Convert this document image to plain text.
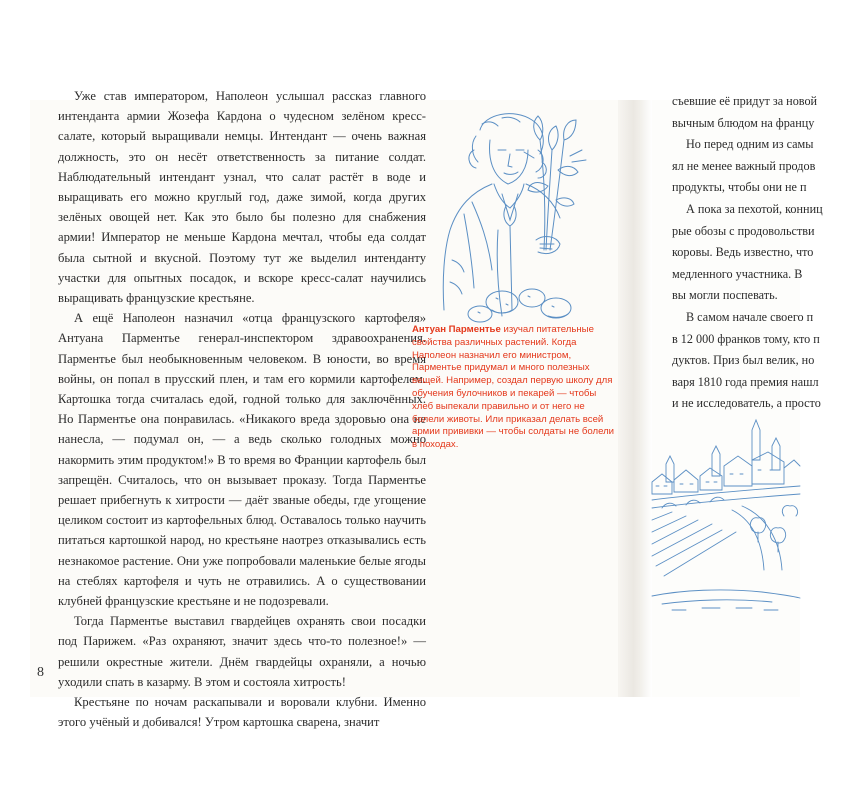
Уже став императором, Наполеон услышал рассказ главного интенданта армии Жозефа Кардона о чудесном зелёном кресс-салате, который выращивали немцы. Интендант — очень важная должность, это он несёт ответственность за питание солдат. Наблюдательный интендант узнал, что салат растёт в воде и выращивать его можно круглый год, даже зимой, когда других зелёных овощей нет. Как это было бы полезно для снабжения армии! Император не меньше Кардона мечтал, чтобы еда солдат была сытной и вкусной. Поэтому тут же выделил интенданту участки для опытных посадок, и вскоре кресс-салат научились выращивать французские крестьяне.

А ещё Наполеон назначил «отца французского картофеля» Антуана Парментье генерал-инспектором здравоохранения. Парментье был необыкновенным человеком. В юности, во время войны, он попал в прусский плен, и там его кормили картофелем. Картошка тогда считалась едой, годной только для заключённых. Но Парментье она понравилась. «Никакого вреда здоровью она не нанесла, — подумал он, — а ведь сколько голодных можно накормить этим продуктом!» В то время во Франции картофель был запрещён. Считалось, что он вызывает проказу. Тогда Парментье решает прибегнуть к хитрости — даёт званые обеды, где угощение целиком состоит из картофельных блюд. Оставалось только научить питаться картошкой народ, но крестьяне наотрез отказывались есть незнакомое растение. Они уже попробовали маленькие белые ягоды на стеблях картофеля и чуть не отравились. А о существовании клубней французские крестьяне и не подозревали.

Тогда Парментье выставил гвардейцев охранять свои посадки под Парижем. «Раз охраняют, значит здесь что-то полезное!» — решили окрестные жители. Днём гвардейцы охраняли, а ночью уходили спать в казарму. В этом и состояла хитрость!

Крестьяне по ночам раскапывали и воровали клубни. Именно этого учёный и добивался! Утром картошка сварена, значит

Антуан Парментье изучал питательные свойства различных растений. Когда Наполеон назначил его министром, Парментье придумал и много полезных вещей. Например, создал первую школу для обучения булочников и пекарей — чтобы хлеб выпекали правильно и от него не болели животы. Или приказал делать всей армии прививки — чтобы солдаты не болели в походах.
8

съевшие её придут за новой

вычным блюдом на францу

Но перед одним из самы

ял не менее важный продов

продукты, чтобы они не п

А пока за пехотой, конниц

рые обозы с продовольстви

коровы. Ведь известно, что

медленного участника. В

вы могли поспевать.

В самом начале своего п

в 12 000 франков тому, кто п

дуктов. Приз был велик, но

варя 1810 года премия нашл

и не исследователь, а просто
